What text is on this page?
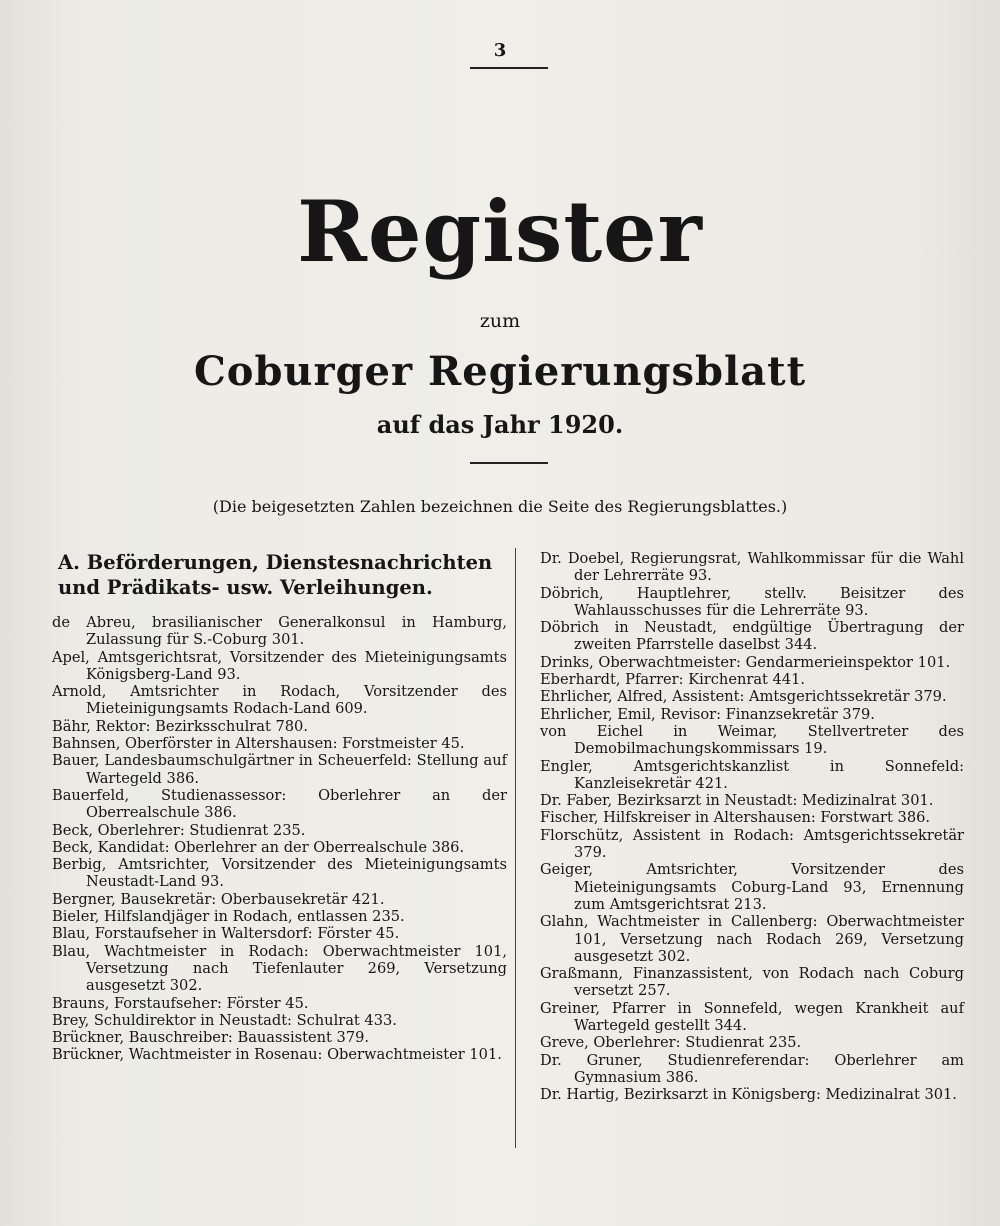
3
Register
zum
Coburger Regierungsblatt
auf das Jahr 1920.
(Die beigesetzten Zahlen bezeichnen die Seite des Regierungsblattes.)
A. Beförderungen, Dienstesnachrichten und Prädikats- usw. Verleihungen.

de Abreu, brasilianischer Generalkonsul in Hamburg, Zulassung für S.-Coburg 301.

Apel, Amtsgerichtsrat, Vorsitzender des Mieteinigungsamts Königsberg-Land 93.

Arnold, Amtsrichter in Rodach, Vorsitzender des Mieteinigungsamts Rodach-Land 609.

Bähr, Rektor: Bezirksschulrat 780.

Bahnsen, Oberförster in Altershausen: Forstmeister 45.

Bauer, Landesbaumschulgärtner in Scheuerfeld: Stellung auf Wartegeld 386.

Bauerfeld, Studienassessor: Oberlehrer an der Oberrealschule 386.

Beck, Oberlehrer: Studienrat 235.

Beck, Kandidat: Oberlehrer an der Oberrealschule 386.

Berbig, Amtsrichter, Vorsitzender des Mieteinigungsamts Neustadt-Land 93.

Bergner, Bausekretär: Oberbausekretär 421.

Bieler, Hilfslandjäger in Rodach, entlassen 235.

Blau, Forstaufseher in Waltersdorf: Förster 45.

Blau, Wachtmeister in Rodach: Oberwachtmeister 101, Versetzung nach Tiefenlauter 269, Versetzung ausgesetzt 302.

Brauns, Forstaufseher: Förster 45.

Brey, Schuldirektor in Neustadt: Schulrat 433.

Brückner, Bauschreiber: Bauassistent 379.

Brückner, Wachtmeister in Rosenau: Oberwachtmeister 101.

Dr. Doebel, Regierungsrat, Wahlkommissar für die Wahl der Lehrerräte 93.

Döbrich, Hauptlehrer, stellv. Beisitzer des Wahlausschusses für die Lehrerräte 93.

Döbrich in Neustadt, endgültige Übertragung der zweiten Pfarrstelle daselbst 344.

Drinks, Oberwachtmeister: Gendarmerieinspektor 101.

Eberhardt, Pfarrer: Kirchenrat 441.

Ehrlicher, Alfred, Assistent: Amtsgerichtssekretär 379.

Ehrlicher, Emil, Revisor: Finanzsekretär 379.

von Eichel in Weimar, Stellvertreter des Demobilmachungskommissars 19.

Engler, Amtsgerichtskanzlist in Sonnefeld: Kanzleisekretär 421.

Dr. Faber, Bezirksarzt in Neustadt: Medizinalrat 301.

Fischer, Hilfskreiser in Altershausen: Forstwart 386.

Florschütz, Assistent in Rodach: Amtsgerichtssekretär 379.

Geiger, Amtsrichter, Vorsitzender des Mieteinigungsamts Coburg-Land 93, Ernennung zum Amtsgerichtsrat 213.

Glahn, Wachtmeister in Callenberg: Oberwachtmeister 101, Versetzung nach Rodach 269, Versetzung ausgesetzt 302.

Graßmann, Finanzassistent, von Rodach nach Coburg versetzt 257.

Greiner, Pfarrer in Sonnefeld, wegen Krankheit auf Wartegeld gestellt 344.

Greve, Oberlehrer: Studienrat 235.

Dr. Gruner, Studienreferendar: Oberlehrer am Gymnasium 386.

Dr. Hartig, Bezirksarzt in Königsberg: Medizinalrat 301.
